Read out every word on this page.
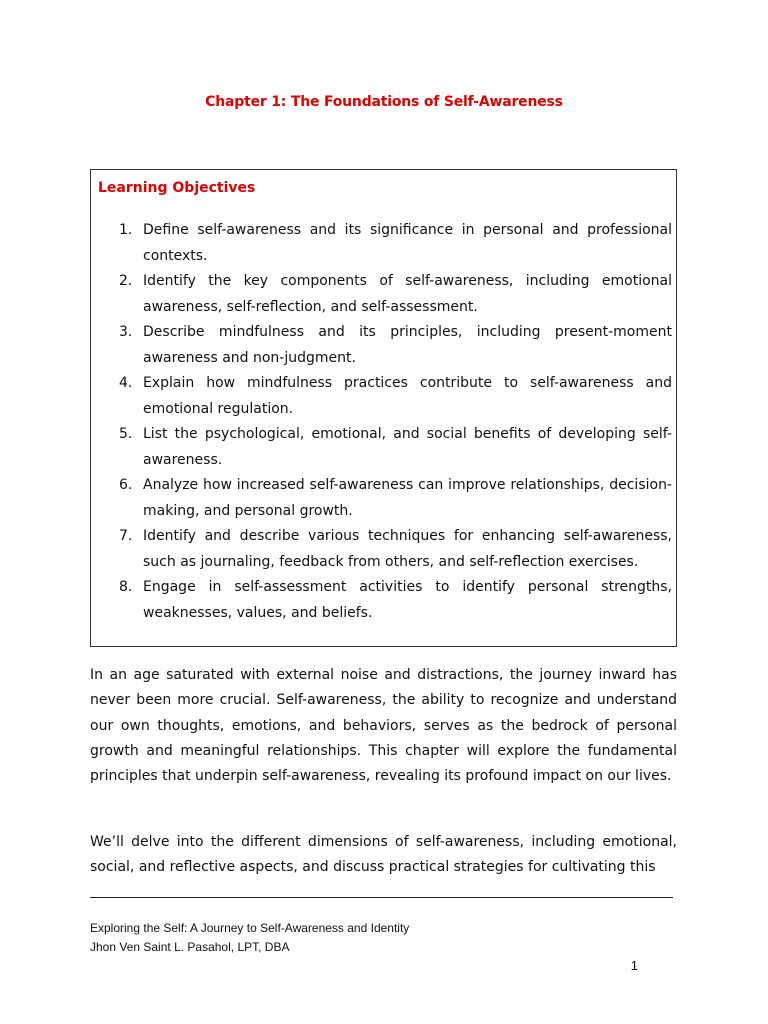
Chapter 1: The Foundations of Self-Awareness
Learning Objectives
1. Define self-awareness and its significance in personal and professional contexts.
2. Identify the key components of self-awareness, including emotional awareness, self-reflection, and self-assessment.
3. Describe mindfulness and its principles, including present-moment awareness and non-judgment.
4. Explain how mindfulness practices contribute to self-awareness and emotional regulation.
5. List the psychological, emotional, and social benefits of developing self-awareness.
6. Analyze how increased self-awareness can improve relationships, decision-making, and personal growth.
7. Identify and describe various techniques for enhancing self-awareness, such as journaling, feedback from others, and self-reflection exercises.
8. Engage in self-assessment activities to identify personal strengths, weaknesses, values, and beliefs.

In an age saturated with external noise and distractions, the journey inward has never been more crucial. Self-awareness, the ability to recognize and understand our own thoughts, emotions, and behaviors, serves as the bedrock of personal growth and meaningful relationships. This chapter will explore the fundamental principles that underpin self-awareness, revealing its profound impact on our lives.

We’ll delve into the different dimensions of self-awareness, including emotional, social, and reflective aspects, and discuss practical strategies for cultivating this

Exploring the Self: A Journey to Self-Awareness and Identity
Jhon Ven Saint L. Pasahol, LPT, DBA
1
